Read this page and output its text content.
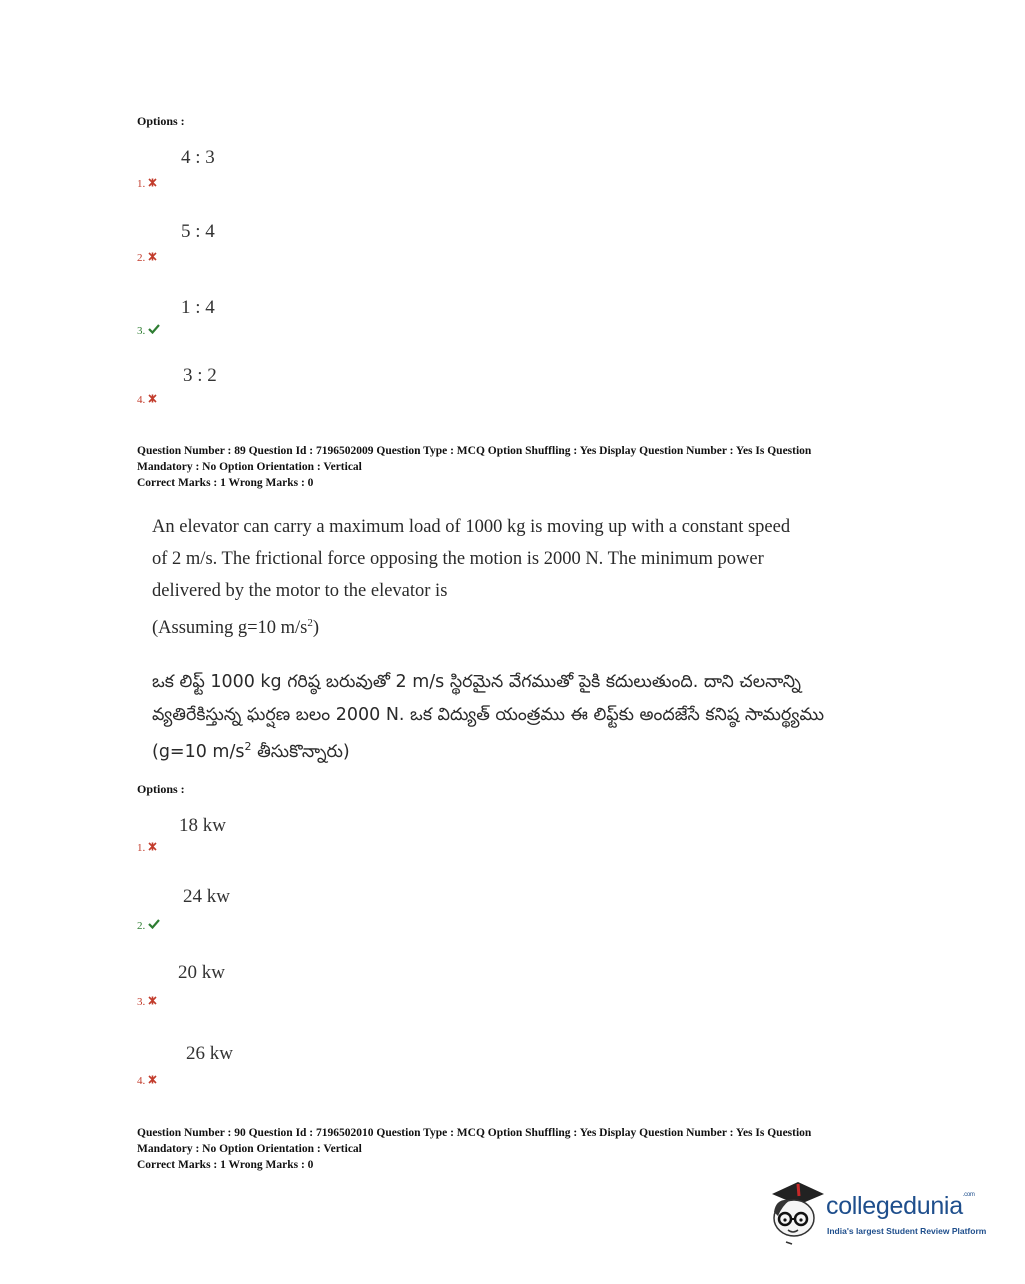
Options :
4 : 3
1.
5 : 4
2.
1 : 4
3.
3 : 2
4.
Question Number : 89 Question Id : 7196502009 Question Type : MCQ Option Shuffling : Yes Display Question Number : Yes Is Question
Mandatory : No Option Orientation : Vertical
Correct Marks : 1 Wrong Marks : 0
An elevator can carry a maximum load of 1000 kg is moving up with a constant speed
of 2 m/s. The frictional force opposing the motion is 2000 N. The minimum power
delivered by the motor to the elevator is
(Assuming g=10 $m/s^2$)
ఒక లిఫ్ట్ 1000 kg గరిష్ఠ బరువుతో 2 m/s స్థిరమైన వేగముతో పైకి కదులుతుంది. దాని చలనాన్ని
వ్యతిరేకిస్తున్న ఘర్షణ బలం 2000 N. ఒక విద్యుత్ యంత్రము ఈ లిఫ్ట్‌కు అందజేసే కనిష్ఠ సామర్థ్యము
(g=10 $m/s^2$ తీసుకొన్నారు)
Options :
18 kw
1.
24 kw
2.
20 kw
3.
26 kw
4.
Question Number : 90 Question Id : 7196502010 Question Type : MCQ Option Shuffling : Yes Display Question Number : Yes Is Question
Mandatory : No Option Orientation : Vertical
Correct Marks : 1 Wrong Marks : 0
collegedunia$^{.com}$
India's largest Student Review Platform
